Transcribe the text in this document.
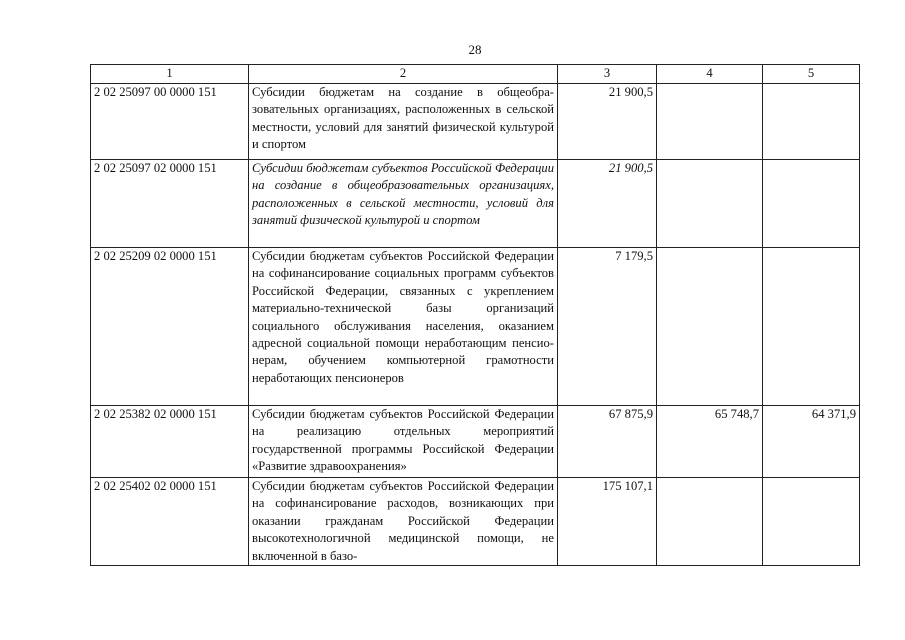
28
1	2	3	4	5
2 02 25097 00 0000 151	Субсидии бюджетам на создание в общеобразовательных организациях, расположенных в сельской местности, условий для занятий физической культурой и спортом	21 900,5		
2 02 25097 02 0000 151	Субсидии бюджетам субъектов Российской Федерации на создание в общеобразовательных организациях, расположенных в сельской местности, условий для занятий физической культурой и спортом	21 900,5		
2 02 25209 02 0000 151	Субсидии бюджетам субъектов Российской Федерации на софинансирование социальных программ субъектов Российской Федерации, связанных с укреплением материально-технической базы организаций социального обслуживания населения, оказанием адресной социальной помощи неработающим пенсионерам, обучением компьютерной грамотности неработающих пенсионеров	7 179,5		
2 02 25382 02 0000 151	Субсидии бюджетам субъектов Российской Федерации на реализацию отдельных мероприятий государственной программы Российской Федерации «Развитие здравоохранения»	67 875,9	65 748,7	64 371,9
2 02 25402 02 0000 151	Субсидии бюджетам субъектов Российской Федерации на софинансирование расходов, возникающих при оказании гражданам Российской Федерации высокотехнологичной медицинской помощи, не включенной в базо-	175 107,1		
